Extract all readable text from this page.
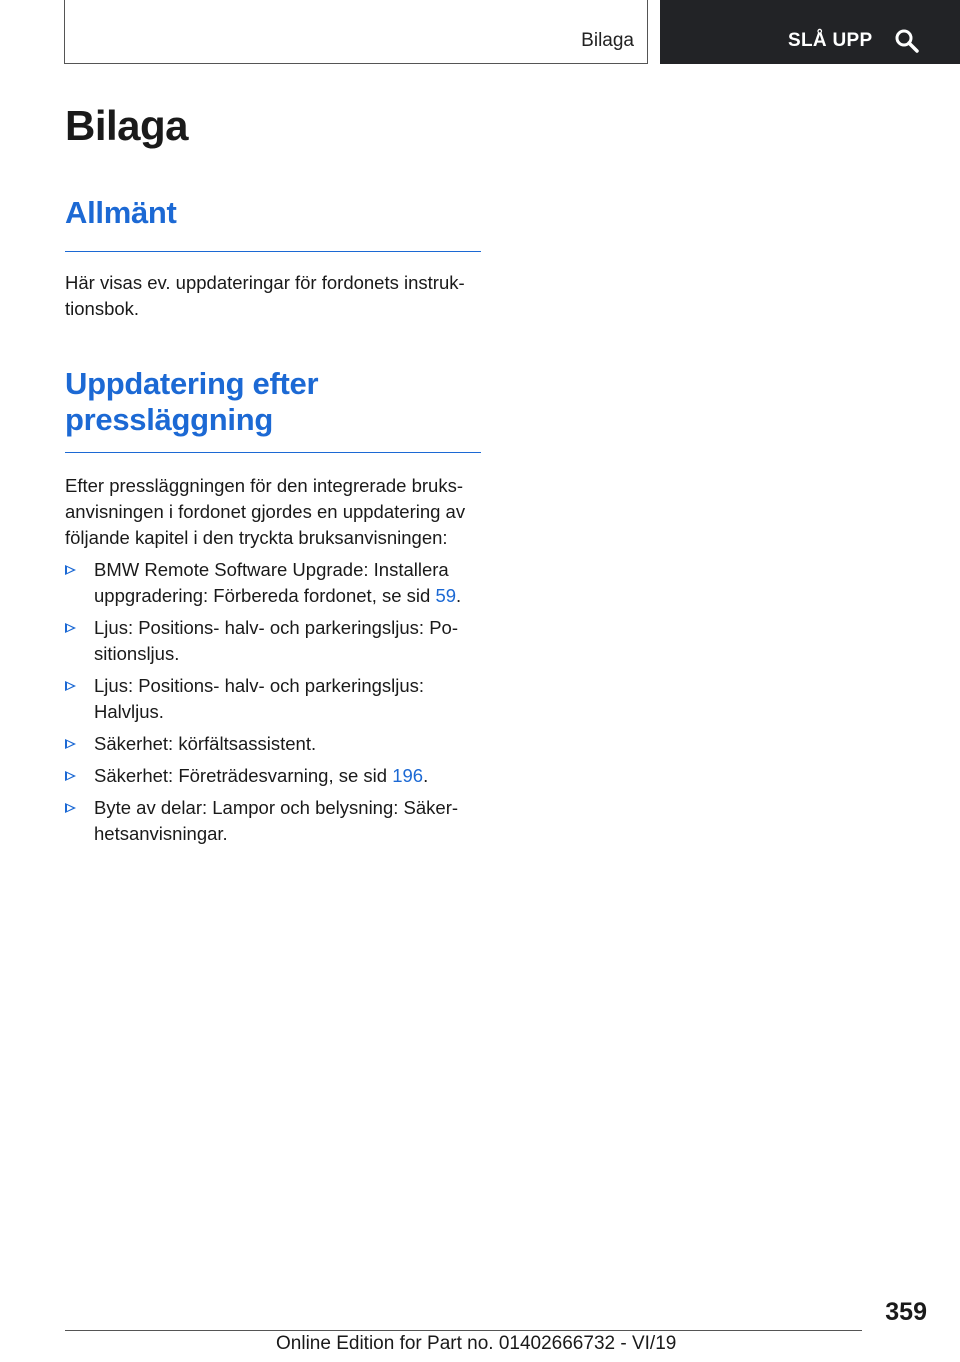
Bilaga	SLÅ UPP
Bilaga
Allmänt

Här visas ev. uppdateringar för fordonets instruk-tionsbok.

Uppdatering efter
pressläggning

Efter pressläggningen för den integrerade bruks-anvisningen i fordonet gjordes en uppdatering av följande kapitel i den tryckta bruksanvisningen:

BMW Remote Software Upgrade: Installera uppgradering: Förbereda fordonet, se sid 59.
Ljus: Positions- halv- och parkeringsljus: Po-sitionsljus.
Ljus: Positions- halv- och parkeringsljus: Halvljus.
Säkerhet: körfältsassistent.
Säkerhet: Företrädesvarning, se sid 196.
Byte av delar: Lampor och belysning: Säker-hetsanvisningar.
359
Online Edition for Part no. 01402666732 - VI/19
